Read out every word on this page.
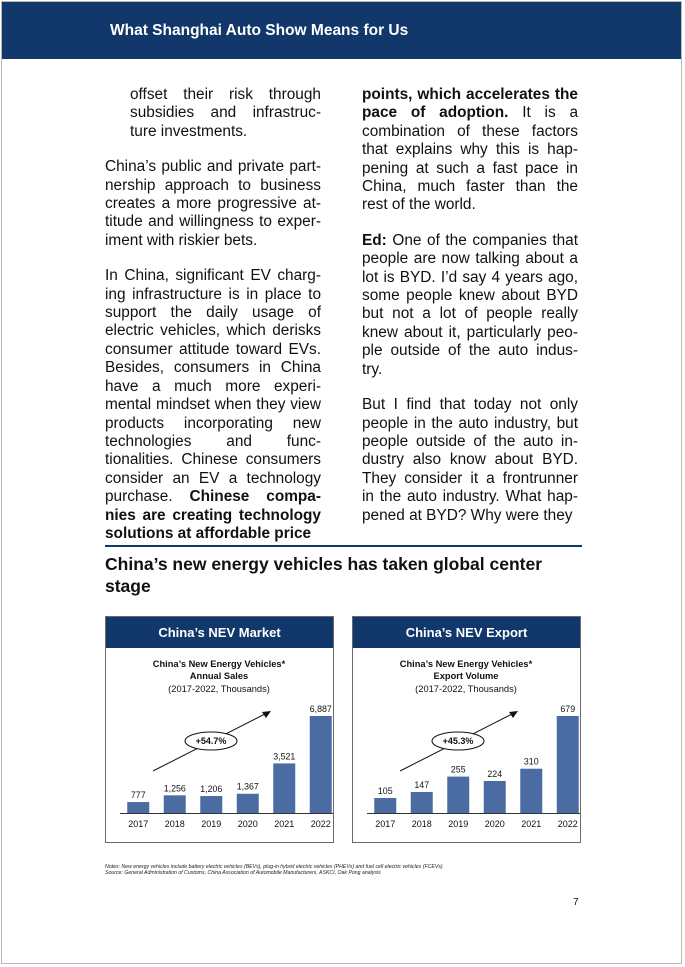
What Shanghai Auto Show Means for Us

offset their risk through subsidies and infrastruc-ture investments.

China’s public and private part-nership approach to business creates a more progressive at-titude and willingness to exper-iment with riskier bets.

In China, significant EV charg-ing infrastructure is in place to support the daily usage of electric vehicles, which derisks consumer attitude toward EVs. Besides, consumers in China have a much more experi-mental mindset when they view products incorporating new technologies and func-tionalities. Chinese consumers consider an EV a technology purchase. Chinese compa-nies are creating technology solutions at affordable price

points, which accelerates the pace of adoption. It is a combination of these factors that explains why this is hap-pening at such a fast pace in China, much faster than the rest of the world.

Ed: One of the companies that people are now talking about a lot is BYD. I’d say 4 years ago, some people knew about BYD but not a lot of people really knew about it, particularly peo-ple outside of the auto indus-try.

But I find that today not only people in the auto industry, but people outside of the auto in-dustry also know about BYD. They consider it a frontrunner in the auto industry. What hap-pened at BYD? Why were they

China’s new energy vehicles has taken global center stage
China’s NEV Market
China’s New Energy Vehicles*
Annual Sales
(2017-2022, Thousands)
777
2017
1,256
2018
1,206
2019
1,367
2020
3,521
2021
6,887
2022
+54.7%
China’s NEV Export
China’s New Energy Vehicles*
Export Volume
(2017-2022, Thousands)
105
2017
147
2018
255
2019
224
2020
310
2021
679
2022
+45.3%
Notes: New energy vehicles include battery electric vehicles (BEVs), plug-in hybrid electric vehicles (PHEVs) and fuel cell electric vehicles (FCEVs)
Source: General Administration of Customs, China Association of Automobile Manufacturers, ASKCI, Oak Pong analysis
7
